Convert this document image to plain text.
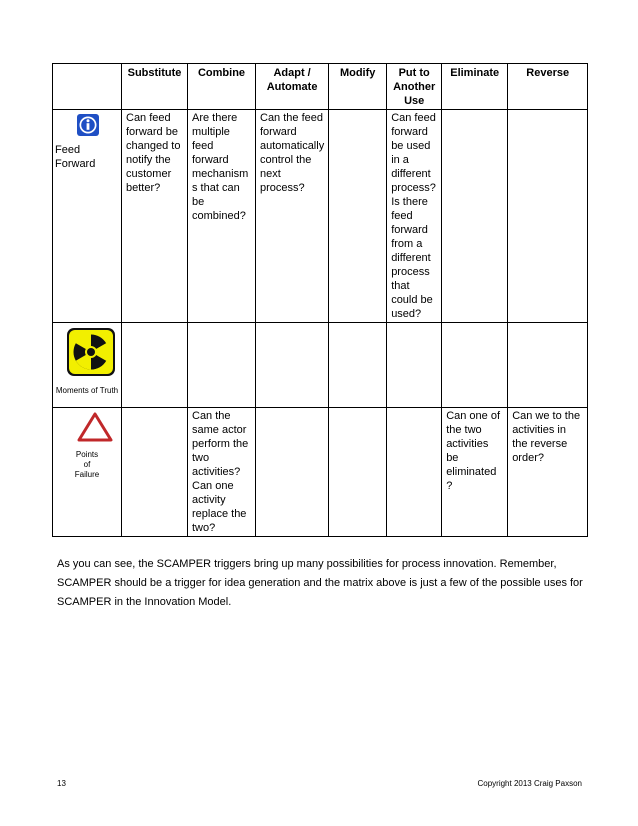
	Substitute	Combine	Adapt / Automate	Modify	Put to Another Use	Eliminate	Reverse

Feed Forward	Can feed forward be changed to notify the customer better?	Are there multiple feed forward mechanism s that can be combined?	Can the feed forward automatically control the next process?		Can feed forward be used in a different process? Is there feed forward from a different process that could be used?		

Moments of Truth							

Points of Failure		Can the same actor perform the two activities? Can one activity replace the two?				Can one of the two activities be eliminated ?	Can we to the activities in the reverse order?

As you can see, the SCAMPER triggers bring up many possibilities for process innovation. Remember, SCAMPER should be a trigger for idea generation and the matrix above is just a few of the possible uses for SCAMPER in the Innovation Model.

13	Copyright 2013 Craig Paxson
